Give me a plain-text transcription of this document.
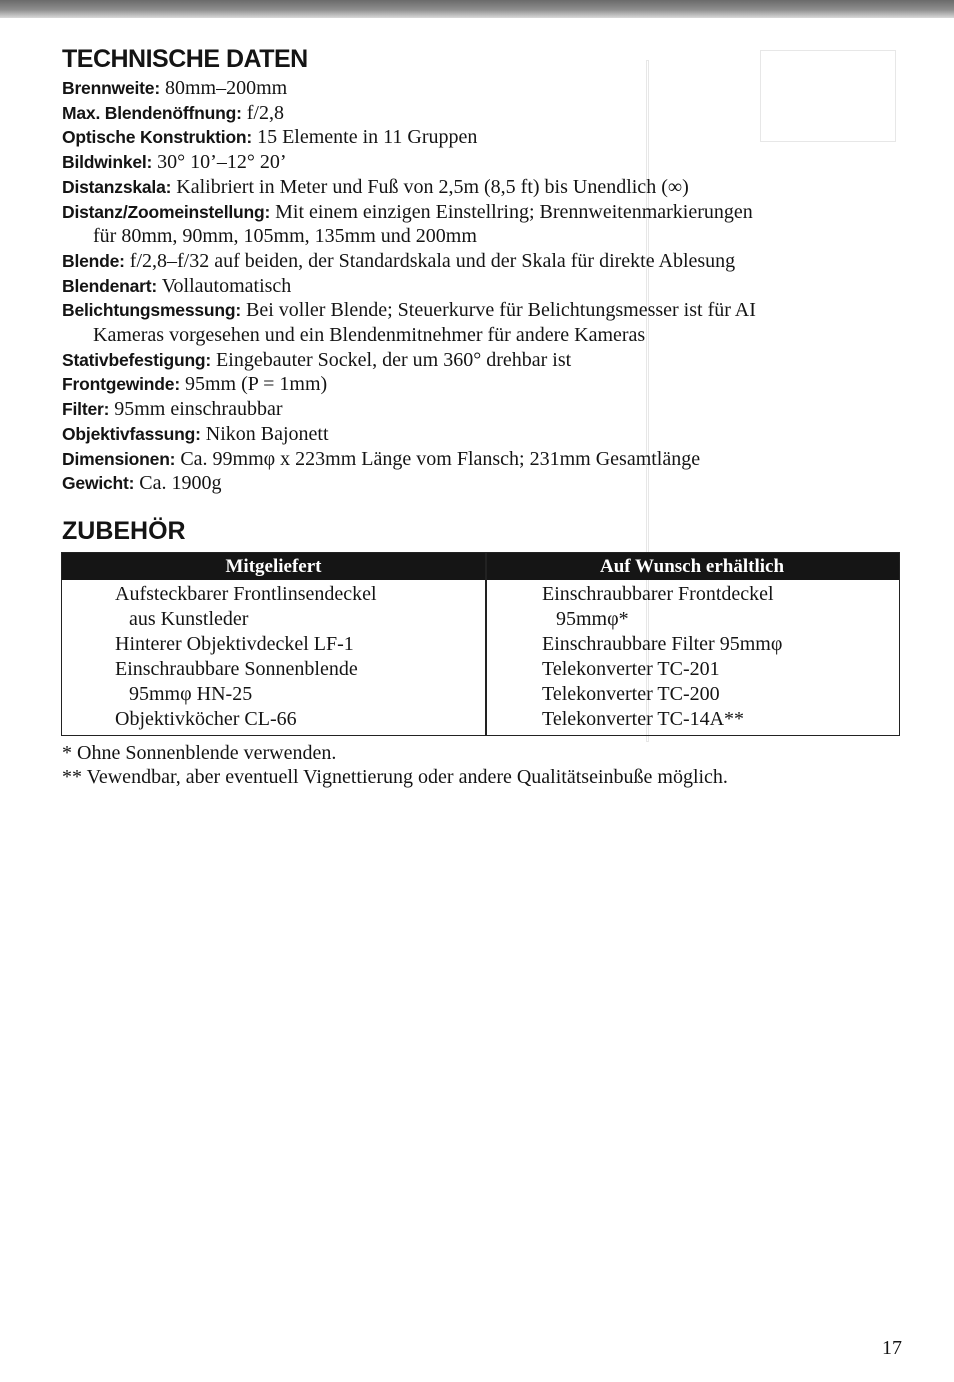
TECHNISCHE DATEN
Brennweite: 80mm–200mm
Max. Blendenöffnung: f/2,8
Optische Konstruktion: 15 Elemente in 11 Gruppen
Bildwinkel: 30° 10’–12° 20’
Distanzskala: Kalibriert in Meter und Fuß von 2,5m (8,5 ft) bis Unendlich (∞)
Distanz/Zoomeinstellung: Mit einem einzigen Einstellring; Brennweitenmarkierungen
für 80mm, 90mm, 105mm, 135mm und 200mm
Blende: f/2,8–f/32 auf beiden, der Standardskala und der Skala für direkte Ablesung
Blendenart: Vollautomatisch
Belichtungsmessung: Bei voller Blende; Steuerkurve für Belichtungsmesser ist für AI
Kameras vorgesehen und ein Blendenmitnehmer für andere Kameras
Stativbefestigung: Eingebauter Sockel, der um 360° drehbar ist
Frontgewinde: 95mm (P = 1mm)
Filter: 95mm einschraubbar
Objektivfassung: Nikon Bajonett
Dimensionen: Ca. 99mmφ x 223mm Länge vom Flansch; 231mm Gesamtlänge
Gewicht: Ca. 1900g
ZUBEHÖR
Mitgeliefert	Auf Wunsch erhältlich
Aufsteckbarer Frontlinsendeckel
aus Kunstleder
Hinterer Objektivdeckel LF-1
Einschraubbare Sonnenblende
95mmφ HN-25
Objektivköcher CL-66
Einschraubbarer Frontdeckel
95mmφ*
Einschraubbare Filter 95mmφ
Telekonverter TC-201
Telekonverter TC-200
Telekonverter TC-14A**
* Ohne Sonnenblende verwenden.
** Vewendbar, aber eventuell Vignettierung oder andere Qualitätseinbuße möglich.
17
